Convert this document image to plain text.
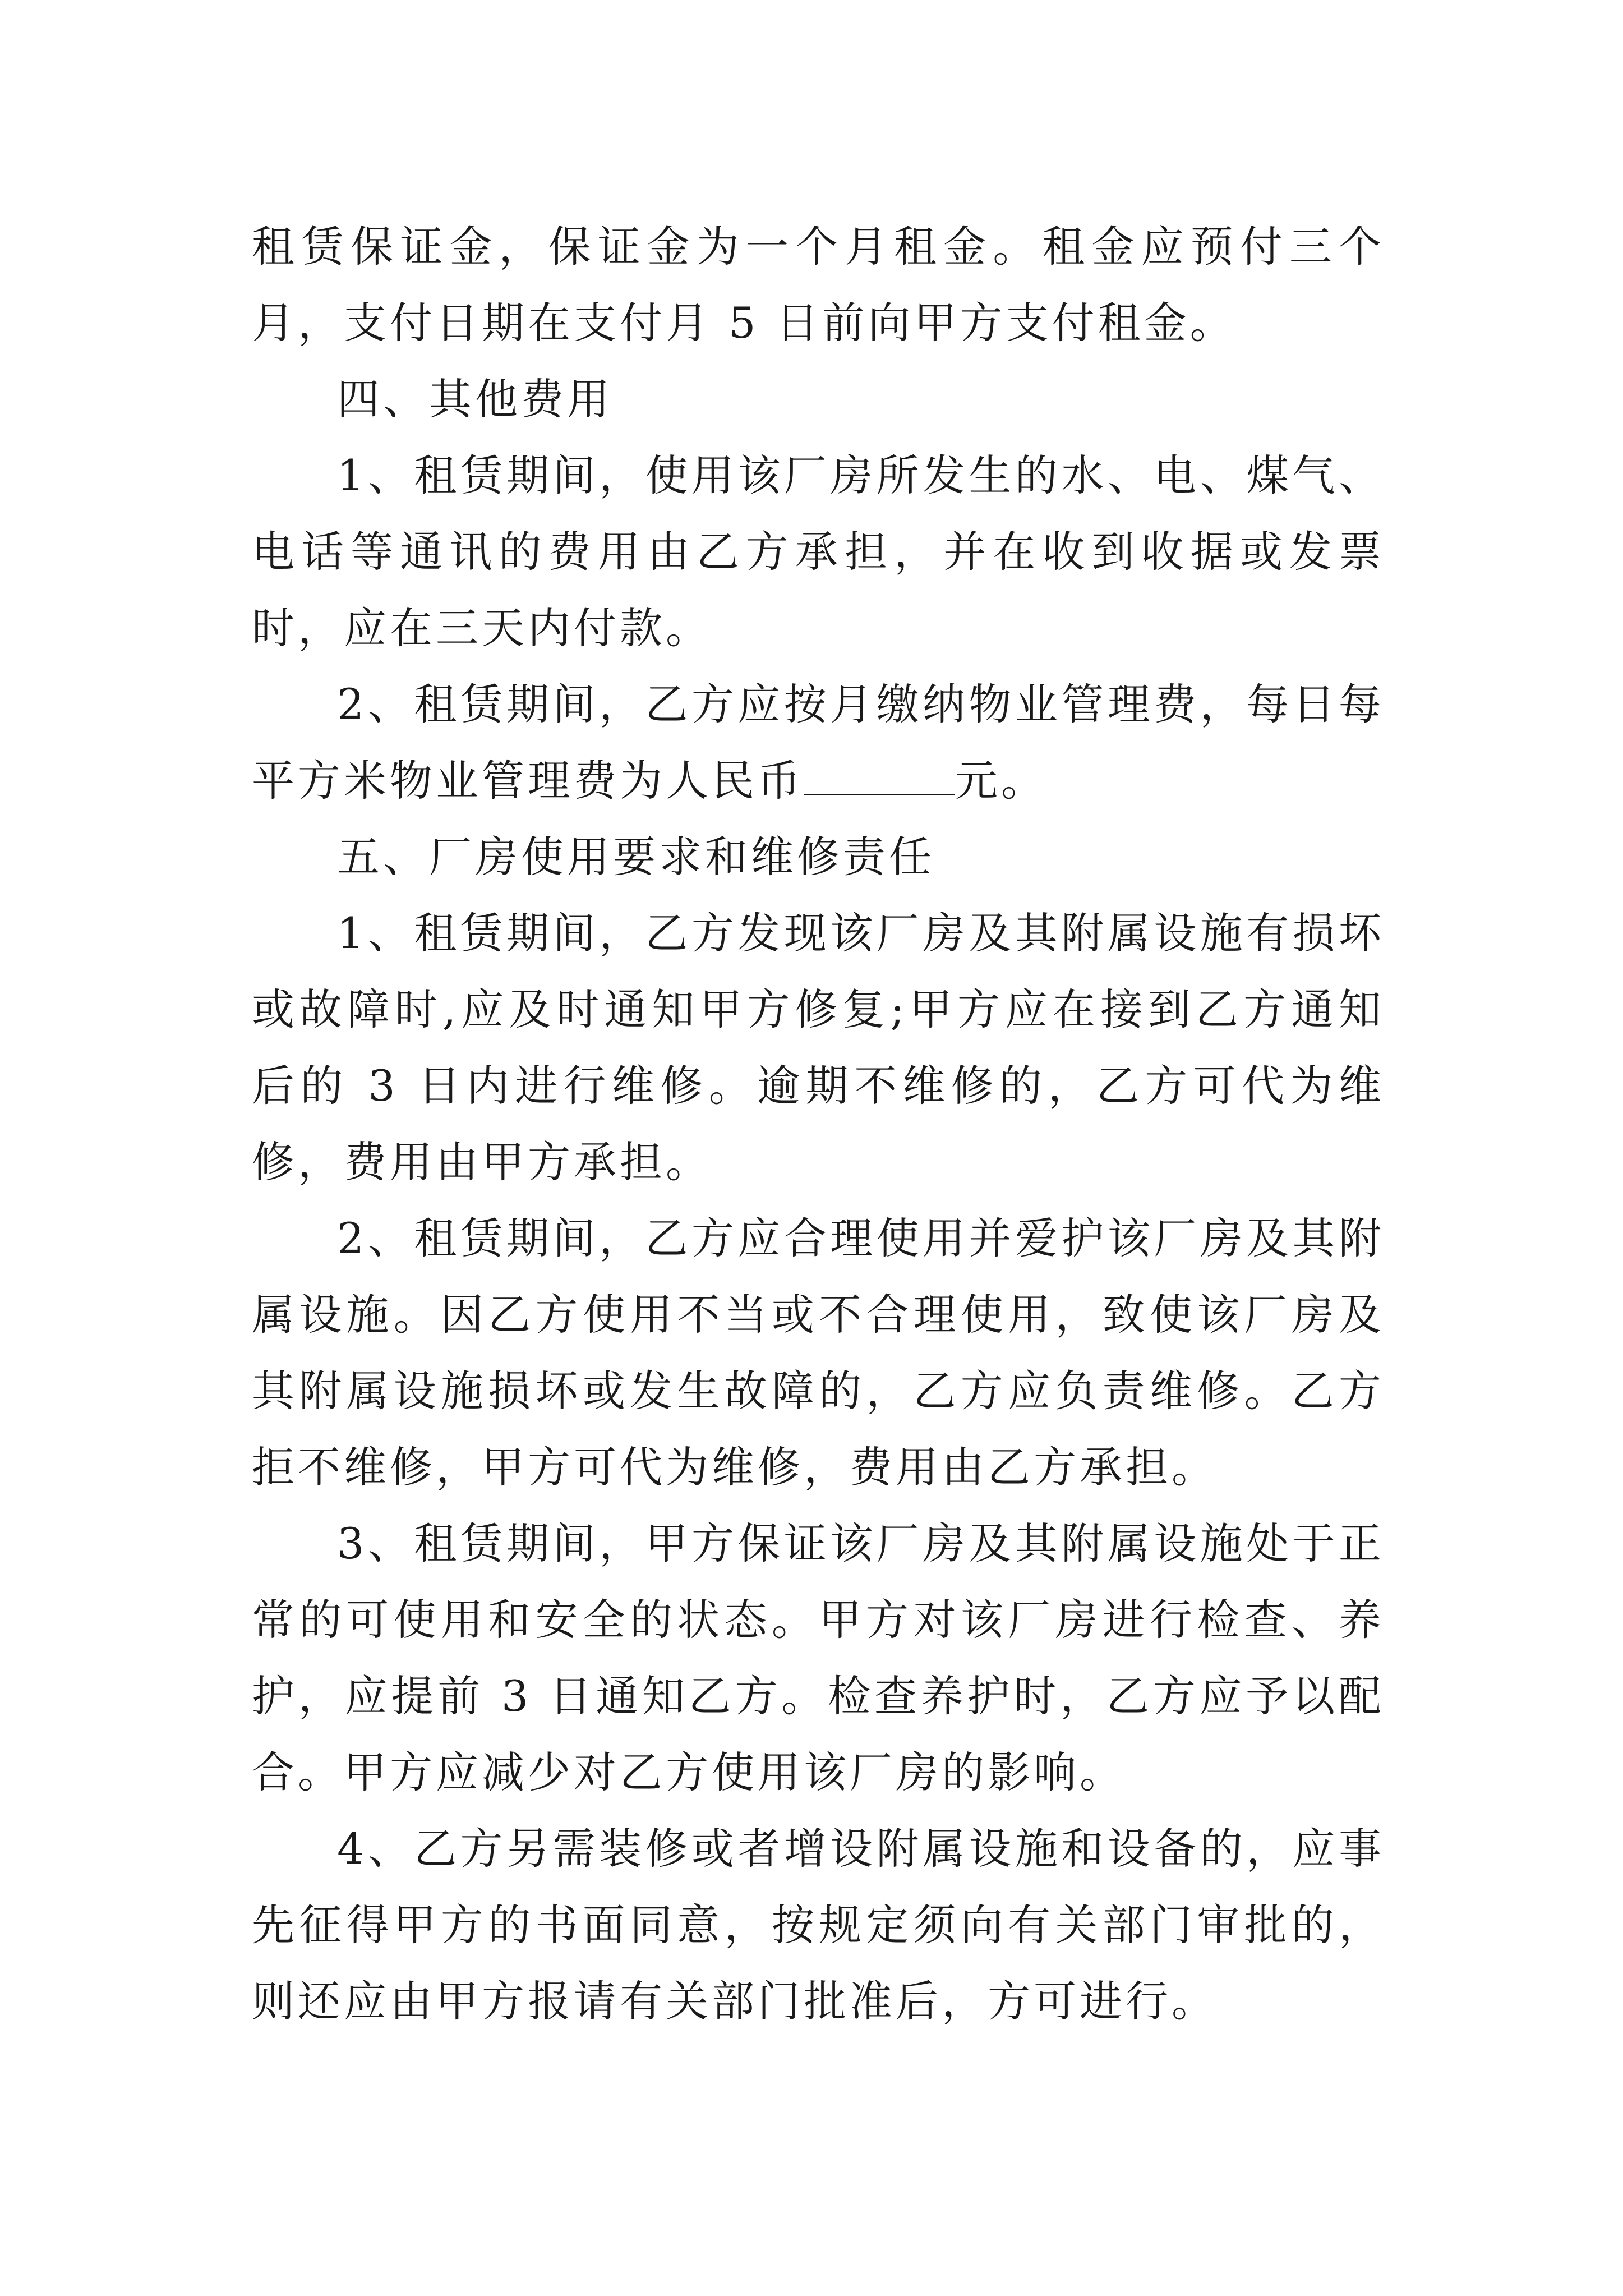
租赁保证金，保证金为一个月租金。租金应预付三个月，支付日期在支付月 5 日前向甲方支付租金。

四、其他费用

1、租赁期间，使用该厂房所发生的水、电、煤气、电话等通讯的费用由乙方承担，并在收到收据或发票时，应在三天内付款。

2、租赁期间，乙方应按月缴纳物业管理费，每日每平方米物业管理费为人民币	元。

五、厂房使用要求和维修责任

1、租赁期间，乙方发现该厂房及其附属设施有损坏或故障时,应及时通知甲方修复;甲方应在接到乙方通知后的 3 日内进行维修。逾期不维修的，乙方可代为维修，费用由甲方承担。

2、租赁期间，乙方应合理使用并爱护该厂房及其附属设施。因乙方使用不当或不合理使用，致使该厂房及其附属设施损坏或发生故障的，乙方应负责维修。乙方拒不维修，甲方可代为维修，费用由乙方承担。

3、租赁期间，甲方保证该厂房及其附属设施处于正常的可使用和安全的状态。甲方对该厂房进行检查、养护，应提前 3 日通知乙方。检查养护时，乙方应予以配合。甲方应减少对乙方使用该厂房的影响。

4、乙方另需装修或者增设附属设施和设备的，应事先征得甲方的书面同意，按规定须向有关部门审批的，则还应由甲方报请有关部门批准后，方可进行。
